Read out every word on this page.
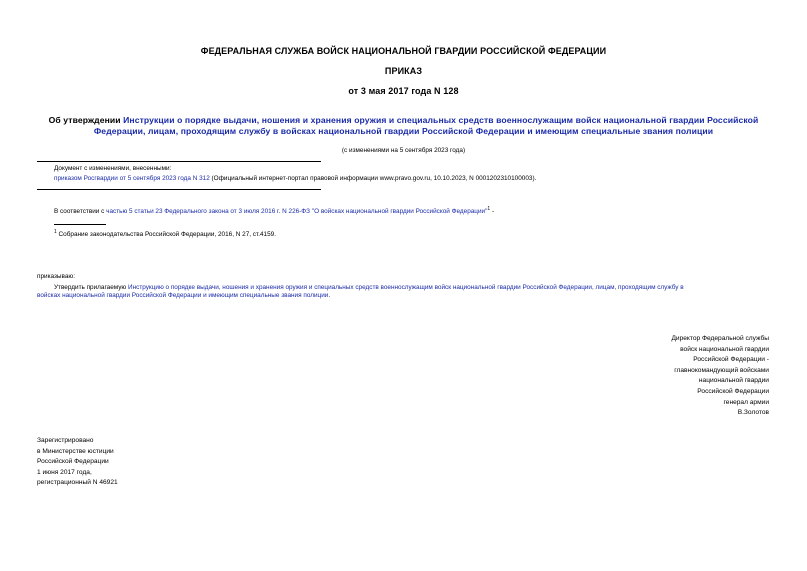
ФЕДЕРАЛЬНАЯ СЛУЖБА ВОЙСК НАЦИОНАЛЬНОЙ ГВАРДИИ РОССИЙСКОЙ ФЕДЕРАЦИИ
ПРИКАЗ
от 3 мая 2017 года N 128
Об утверждении Инструкции о порядке выдачи, ношения и хранения оружия и специальных средств военнослужащим войск национальной гвардии Российской
Федерации, лицам, проходящим службу в войсках национальной гвардии Российской Федерации и имеющим специальные звания полиции
(с изменениями на 5 сентября 2023 года)
Документ с изменениями, внесенными:
приказом Росгвардии от 5 сентября 2023 года N 312 (Официальный интернет-портал правовой информации www.pravo.gov.ru, 10.10.2023, N 0001202310100003).
В соответствии с частью 5 статьи 23 Федерального закона от 3 июля 2016 г. N 226-ФЗ "О войсках национальной гвардии Российской Федерации"$^1$ -
$^1$ Собрание законодательства Российской Федерации, 2016, N 27, ст.4159.
приказываю:
Утвердить прилагаемую Инструкцию о порядке выдачи, ношения и хранения оружия и специальных средств военнослужащим войск национальной гвардии Российской Федерации, лицам, проходящим службу в
войсках национальной гвардии Российской Федерации и имеющим специальные звания полиции.
Директор Федеральной службы
войск национальной гвардии
Российской Федерации -
главнокомандующий войсками
национальной гвардии
Российской Федерации
генерал армии
В.Золотов
Зарегистрировано
в Министерстве юстиции
Российской Федерации
1 июня 2017 года,
регистрационный N 46921
